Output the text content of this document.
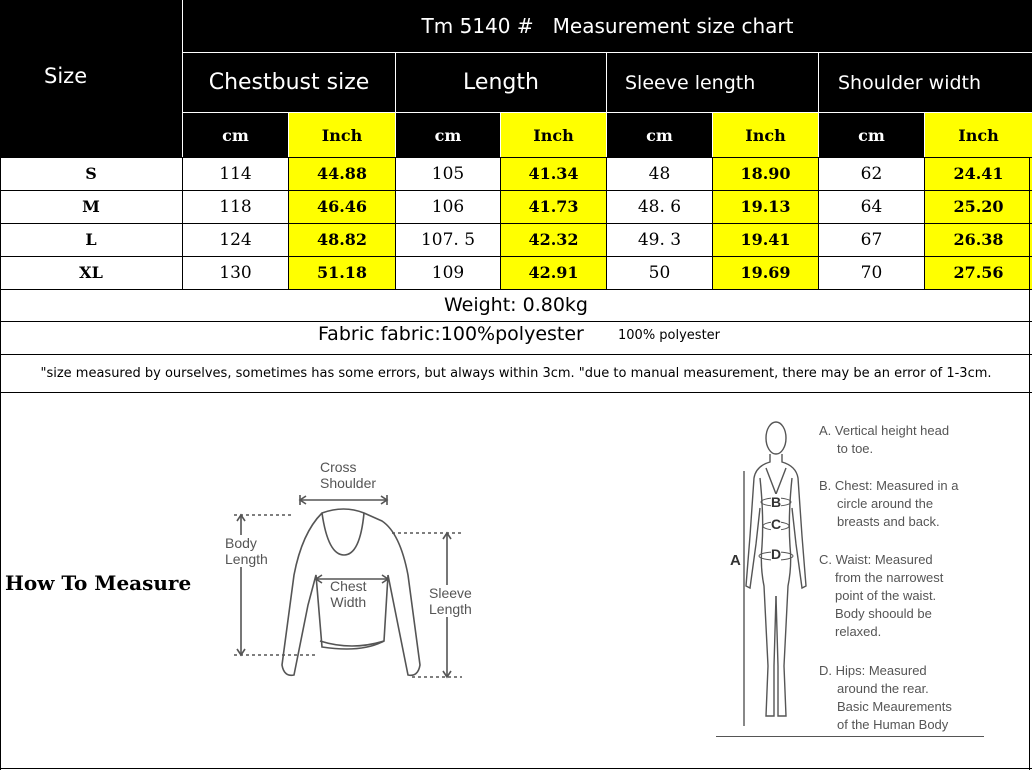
Size
Tm 5140 #   Measurement size chart
Chestbust size	Length	Sleeve length	Shoulder width
cm	Inch	cm	Inch	cm	Inch	cm	Inch
S	114	44.88	105	41.34	48	18.90	62	24.41
M	118	46.46	106	41.73	48. 6	19.13	64	25.20
L	124	48.82	107. 5	42.32	49. 3	19.41	67	26.38
XL	130	51.18	109	42.91	50	19.69	70	27.56
Weight: 0.80kg
Fabric fabric:100%polyester	100% polyester
"size measured by ourselves, sometimes has some errors, but always within 3cm. "due to manual measurement, there may be an error of 1-3cm.
How To Measure
Cross
Shoulder
Body
Length
Chest
Width
Sleeve
Length
A
B
C
D
A. Vertical height head
to toe.
B. Chest: Measured in a
circle around the
breasts and back.
C. Waist: Measured
from the narrowest
point of the waist.
Body shoould be
relaxed.
D. Hips: Measured
around the rear.
Basic Meaurements
of the Human Body
